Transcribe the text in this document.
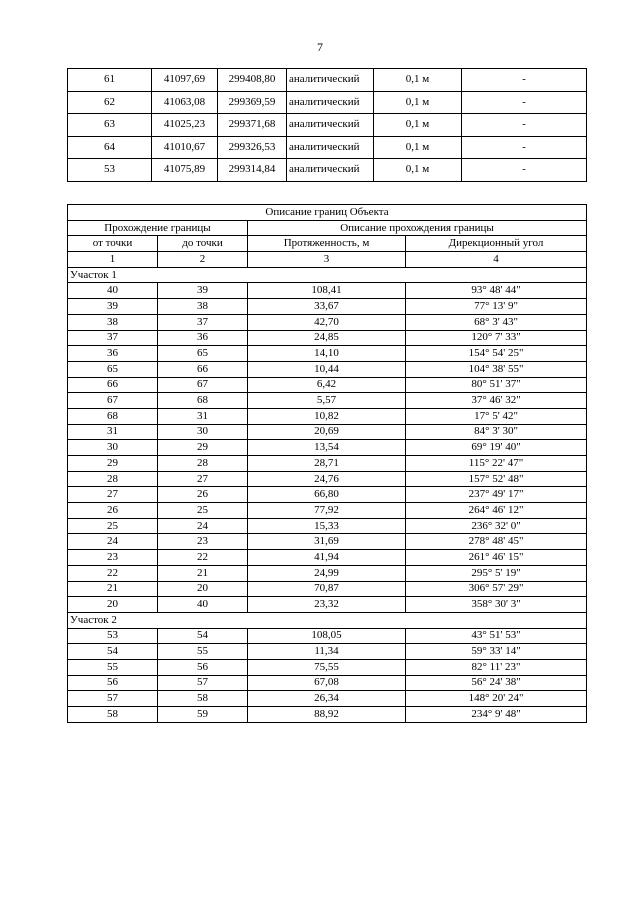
7
61	41097,69	299408,80	аналитический	0,1 м	-
62	41063,08	299369,59	аналитический	0,1 м	-
63	41025,23	299371,68	аналитический	0,1 м	-
64	41010,67	299326,53	аналитический	0,1 м	-
53	41075,89	299314,84	аналитический	0,1 м	-
Описание границ Объекта			
Прохождение границы		Описание прохождения границы	
от точки	до точки	Протяженность, м	Дирекционный угол
1	2	3	4
Участок 1			
40	39	108,41	93° 48' 44"
39	38	33,67	77° 13' 9"
38	37	42,70	68° 3' 43"
37	36	24,85	120° 7' 33"
36	65	14,10	154° 54' 25"
65	66	10,44	104° 38' 55"
66	67	6,42	80° 51' 37"
67	68	5,57	37° 46' 32"
68	31	10,82	17° 5' 42"
31	30	20,69	84° 3' 30"
30	29	13,54	69° 19' 40"
29	28	28,71	115° 22' 47"
28	27	24,76	157° 52' 48"
27	26	66,80	237° 49' 17"
26	25	77,92	264° 46' 12"
25	24	15,33	236° 32' 0"
24	23	31,69	278° 48' 45"
23	22	41,94	261° 46' 15"
22	21	24,99	295° 5' 19"
21	20	70,87	306° 57' 29"
20	40	23,32	358° 30' 3"
Участок 2			
53	54	108,05	43° 51' 53"
54	55	11,34	59° 33' 14"
55	56	75,55	82° 11' 23"
56	57	67,08	56° 24' 38"
57	58	26,34	148° 20' 24"
58	59	88,92	234° 9' 48"
